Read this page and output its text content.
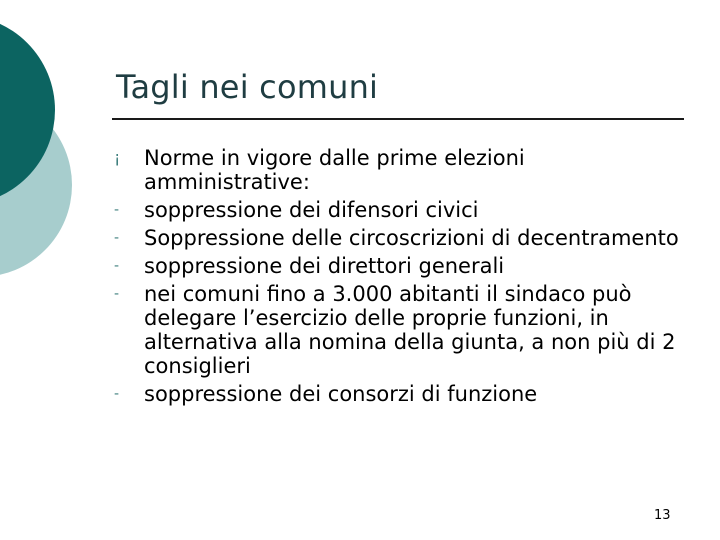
Tagli nei comuni
¡	Norme in vigore dalle prime elezioni amministrative:
-	soppressione dei difensori civici
-	Soppressione delle circoscrizioni di decentramento
-	soppressione dei direttori generali
-	nei comuni fino a 3.000 abitanti il sindaco può delegare l’esercizio delle proprie funzioni, in alternativa alla nomina della giunta, a non più di 2 consiglieri
-	soppressione dei consorzi di funzione
13
